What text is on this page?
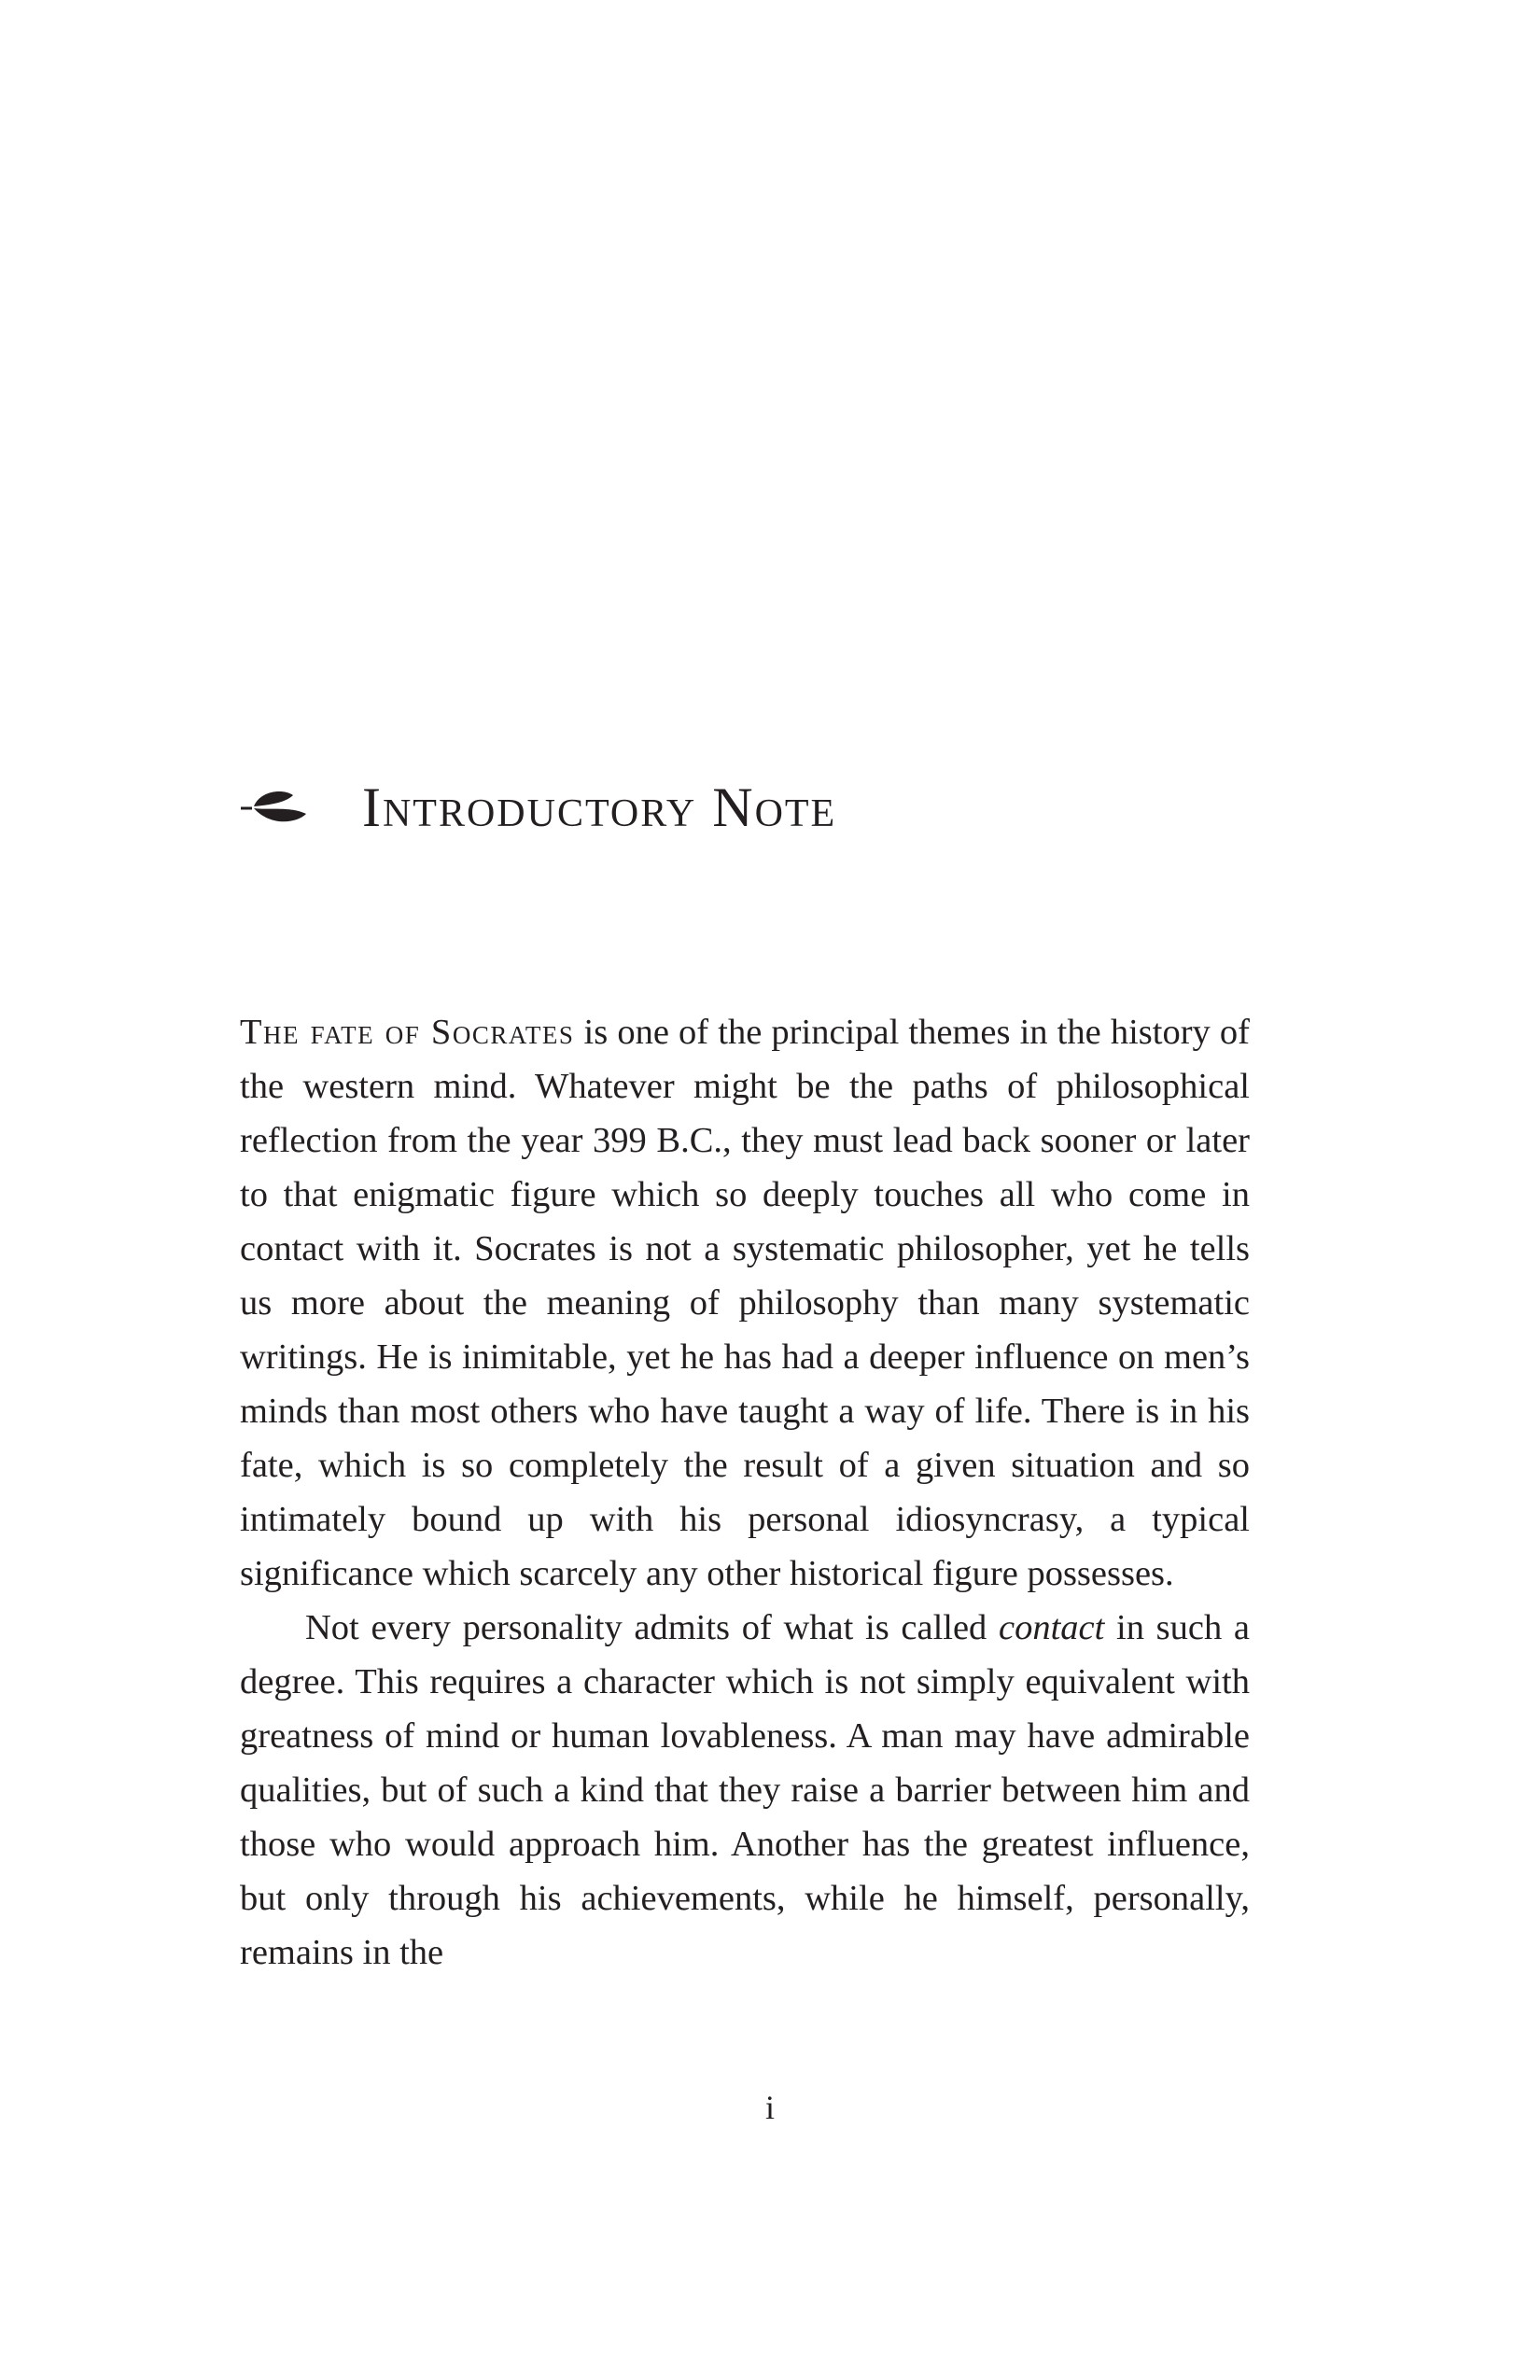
Introductory Note

The fate of Socrates is one of the principal themes in the history of the western mind. Whatever might be the paths of philosophical reflection from the year 399 B.C., they must lead back sooner or later to that enigmatic figure which so deeply touches all who come in contact with it. Socrates is not a systematic philosopher, yet he tells us more about the meaning of philosophy than many systematic writings. He is inimitable, yet he has had a deeper influence on men’s minds than most others who have taught a way of life. There is in his fate, which is so completely the result of a given situation and so intimately bound up with his personal idiosyncrasy, a typical significance which scarcely any other historical figure possesses.

Not every personality admits of what is called contact in such a degree. This requires a character which is not simply equivalent with greatness of mind or human lovableness. A man may have admirable qualities, but of such a kind that they raise a barrier between him and those who would approach him. Another has the greatest influence, but only through his achievements, while he himself, personally, remains in the

i
